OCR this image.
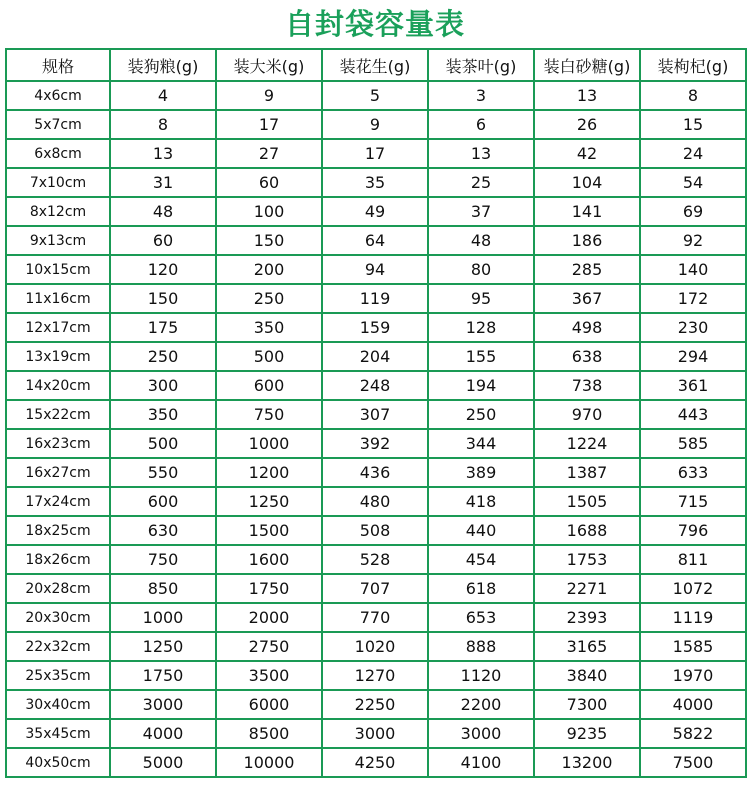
自封袋容量表
规格	装狗粮(g)	装大米(g)	装花生(g)	装茶叶(g)	装白砂糖(g)	装枸杞(g)
4x6cm	4	9	5	3	13	8
5x7cm	8	17	9	6	26	15
6x8cm	13	27	17	13	42	24
7x10cm	31	60	35	25	104	54
8x12cm	48	100	49	37	141	69
9x13cm	60	150	64	48	186	92
10x15cm	120	200	94	80	285	140
11x16cm	150	250	119	95	367	172
12x17cm	175	350	159	128	498	230
13x19cm	250	500	204	155	638	294
14x20cm	300	600	248	194	738	361
15x22cm	350	750	307	250	970	443
16x23cm	500	1000	392	344	1224	585
16x27cm	550	1200	436	389	1387	633
17x24cm	600	1250	480	418	1505	715
18x25cm	630	1500	508	440	1688	796
18x26cm	750	1600	528	454	1753	811
20x28cm	850	1750	707	618	2271	1072
20x30cm	1000	2000	770	653	2393	1119
22x32cm	1250	2750	1020	888	3165	1585
25x35cm	1750	3500	1270	1120	3840	1970
30x40cm	3000	6000	2250	2200	7300	4000
35x45cm	4000	8500	3000	3000	9235	5822
40x50cm	5000	10000	4250	4100	13200	7500
